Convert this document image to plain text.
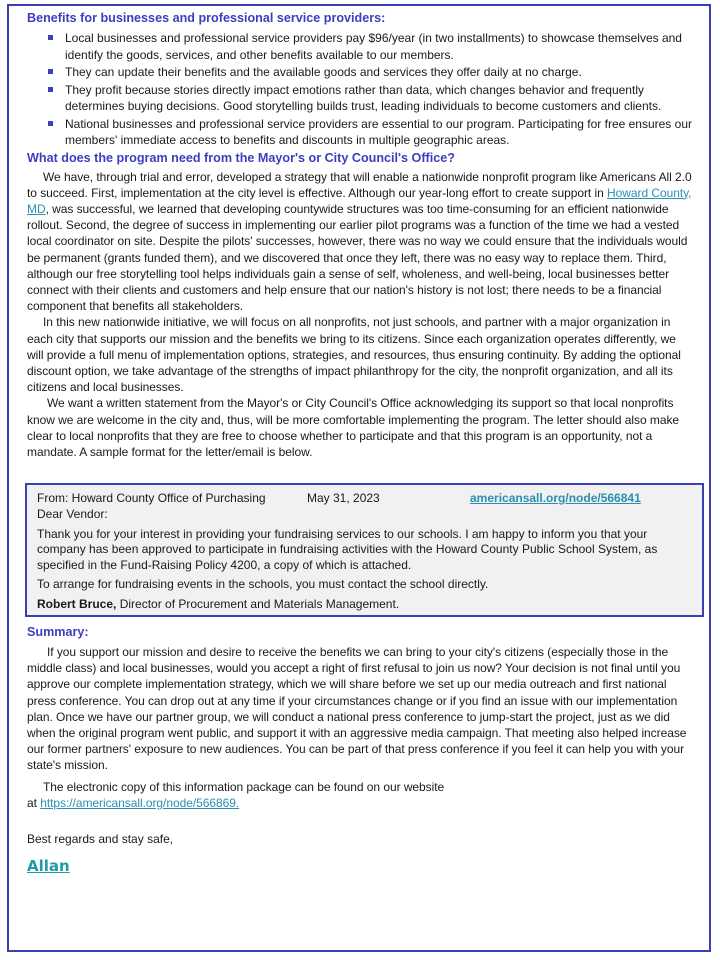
Benefits for businesses and professional service providers:
Local businesses and professional service providers pay $96/year (in two installments) to showcase themselves and identify the goods, services, and other benefits available to our members.
They can update their benefits and the available goods and services they offer daily at no charge.
They profit because stories directly impact emotions rather than data, which changes behavior and frequently determines buying decisions. Good storytelling builds trust, leading individuals to become customers and clients.
National businesses and professional service providers are essential to our program. Participating for free ensures our members' immediate access to benefits and discounts in multiple geographic areas.
What does the program need from the Mayor's or City Council's Office?

We have, through trial and error, developed a strategy that will enable a nationwide nonprofit program like Americans All 2.0 to succeed. First, implementation at the city level is effective. Although our year-long effort to create support in Howard County, MD, was successful, we learned that developing countywide structures was too time-consuming for an efficient nationwide rollout. Second, the degree of success in implementing our earlier pilot programs was a function of the time we had a vested local coordinator on site. Despite the pilots' successes, however, there was no way we could ensure that the individuals would be permanent (grants funded them), and we discovered that once they left, there was no easy way to replace them. Third, although our free storytelling tool helps individuals gain a sense of self, wholeness, and well-being, local businesses better connect with their clients and customers and help ensure that our nation's history is not lost; there needs to be a financial component that benefits all stakeholders.

In this new nationwide initiative, we will focus on all nonprofits, not just schools, and partner with a major organization in each city that supports our mission and the benefits we bring to its citizens. Since each organization operates differently, we will provide a full menu of implementation options, strategies, and resources, thus ensuring continuity. By adding the optional discount option, we take advantage of the strengths of impact philanthropy for the city, the nonprofit organization, and all its citizens and local businesses.

We want a written statement from the Mayor's or City Council's Office acknowledging its support so that local nonprofits know we are welcome in the city and, thus, will be more comfortable implementing the program. The letter should also make clear to local nonprofits that they are free to choose whether to participate and that this program is an opportunity, not a mandate. A sample format for the letter/email is below.

From: Howard County Office of Purchasing	May 31, 2023	americansall.org/node/566841

Dear Vendor:

Thank you for your interest in providing your fundraising services to our schools. I am happy to inform you that your company has been approved to participate in fundraising activities with the Howard County Public School System, as specified in the Fund-Raising Policy 4200, a copy of which is attached.

To arrange for fundraising events in the schools, you must contact the school directly.

Robert Bruce, Director of Procurement and Materials Management.

Summary:

If you support our mission and desire to receive the benefits we can bring to your city's citizens (especially those in the middle class) and local businesses, would you accept a right of first refusal to join us now? Your decision is not final until you approve our complete implementation strategy, which we will share before we set up our media outreach and first national press conference. You can drop out at any time if your circumstances change or if you find an issue with our implementation plan. Once we have our partner group, we will conduct a national press conference to jump-start the project, just as we did when the original program went public, and support it with an aggressive media campaign. That meeting also helped increase our former partners' exposure to new audiences. You can be part of that press conference if you feel it can help you with your state's mission.

The electronic copy of this information package can be found on our website

at https://americansall.org/node/566869.

Best regards and stay safe,

Allan
